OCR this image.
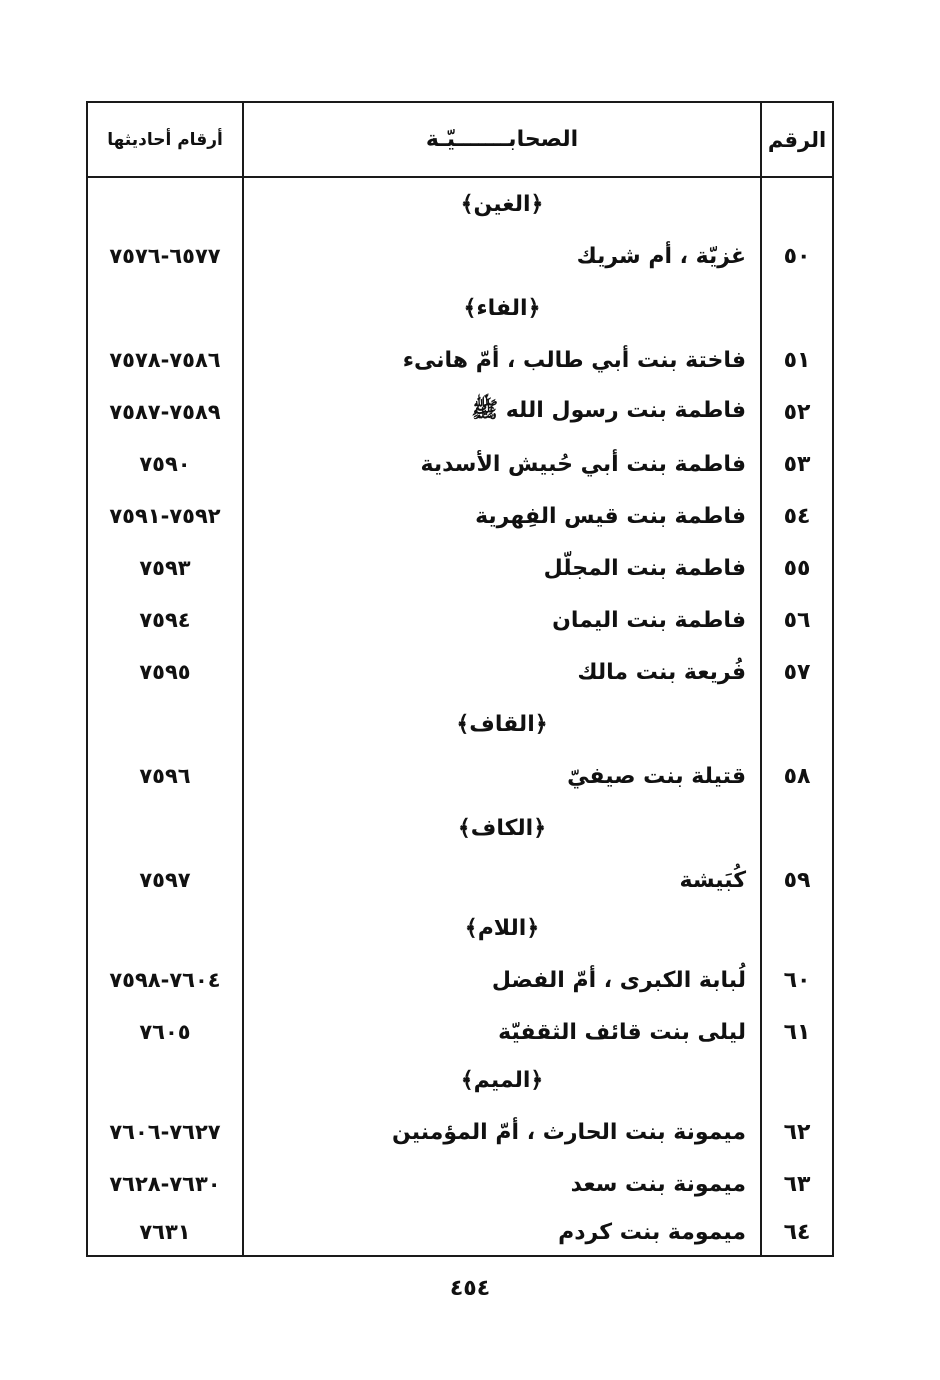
الرقم
الصحابـــــــيّـة
أرقام أحاديثها
﴿الغين﴾
٥٠
غزيّة ، أم شريك
٦٥٧٧-٧٥٧٦
﴿الفاء﴾
٥١
فاختة بنت أبي طالب ، أمّ هانىء
٧٥٨٦-٧٥٧٨
٥٢
فاطمة بنت رسول الله ﷺ
٧٥٨٩-٧٥٨٧
٥٣
فاطمة بنت أبي حُبيش الأسدية
٧٥٩٠
٥٤
فاطمة بنت قيس الفِهرية
٧٥٩٢-٧٥٩١
٥٥
فاطمة بنت المجلّل
٧٥٩٣
٥٦
فاطمة بنت اليمان
٧٥٩٤
٥٧
فُريعة بنت مالك
٧٥٩٥
﴿القاف﴾
٥٨
قتيلة بنت صيفيّ
٧٥٩٦
﴿الكاف﴾
٥٩
كُبَيشة
٧٥٩٧
﴿اللام﴾
٦٠
لُبابة الكبرى ، أمّ الفضل
٧٦٠٤-٧٥٩٨
٦١
ليلى بنت قائف الثقفيّة
٧٦٠٥
﴿الميم﴾
٦٢
ميمونة بنت الحارث ، أمّ المؤمنين
٧٦٢٧-٧٦٠٦
٦٣
ميمونة بنت سعد
٧٦٣٠-٧٦٢٨
٦٤
ميمومة بنت كردم
٧٦٣١
٤٥٤
